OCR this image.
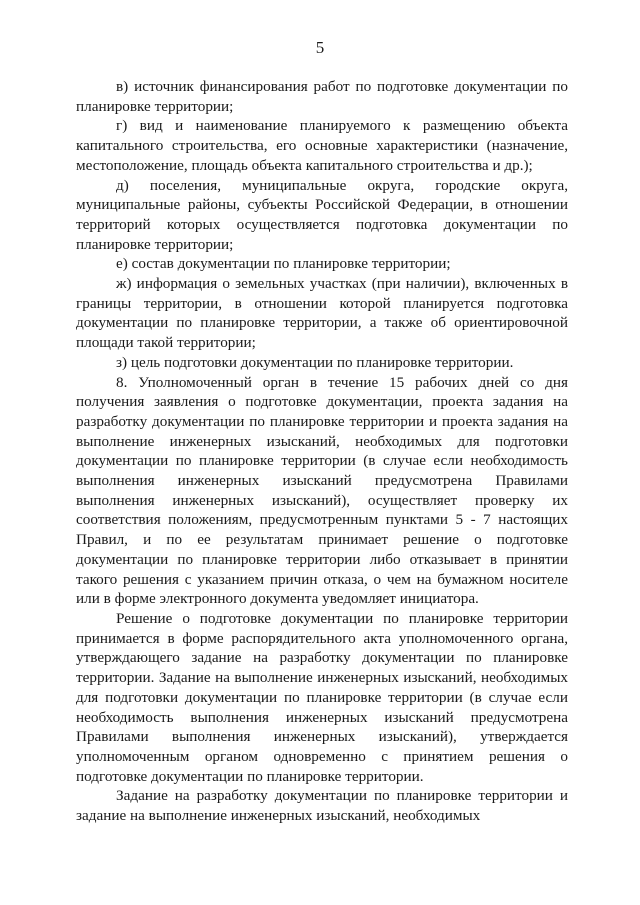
5

в) источник финансирования работ по подготовке документации по планировке территории;

г) вид и наименование планируемого к размещению объекта капитального строительства, его основные характеристики (назначение, местоположение, площадь объекта капитального строительства и др.);

д) поселения, муниципальные округа, городские округа, муниципальные районы, субъекты Российской Федерации, в отношении территорий которых осуществляется подготовка документации по планировке территории;

е) состав документации по планировке территории;

ж) информация о земельных участках (при наличии), включенных в границы территории, в отношении которой планируется подготовка документации по планировке территории, а также об ориентировочной площади такой территории;

з) цель подготовки документации по планировке территории.

8. Уполномоченный орган в течение 15 рабочих дней со дня получения заявления о подготовке документации, проекта задания на разработку документации по планировке территории и проекта задания на выполнение инженерных изысканий, необходимых для подготовки документации по планировке территории (в случае если необходимость выполнения инженерных изысканий предусмотрена Правилами выполнения инженерных изысканий), осуществляет проверку их соответствия положениям, предусмотренным пунктами 5 - 7 настоящих Правил, и по ее результатам принимает решение о подготовке документации по планировке территории либо отказывает в принятии такого решения с указанием причин отказа, о чем на бумажном носителе или в форме электронного документа уведомляет инициатора.

Решение о подготовке документации по планировке территории принимается в форме распорядительного акта уполномоченного органа, утверждающего задание на разработку документации по планировке территории. Задание на выполнение инженерных изысканий, необходимых для подготовки документации по планировке территории (в случае если необходимость выполнения инженерных изысканий предусмотрена Правилами выполнения инженерных изысканий), утверждается уполномоченным органом одновременно с принятием решения о подготовке документации по планировке территории.

Задание на разработку документации по планировке территории и задание на выполнение инженерных изысканий, необходимых
